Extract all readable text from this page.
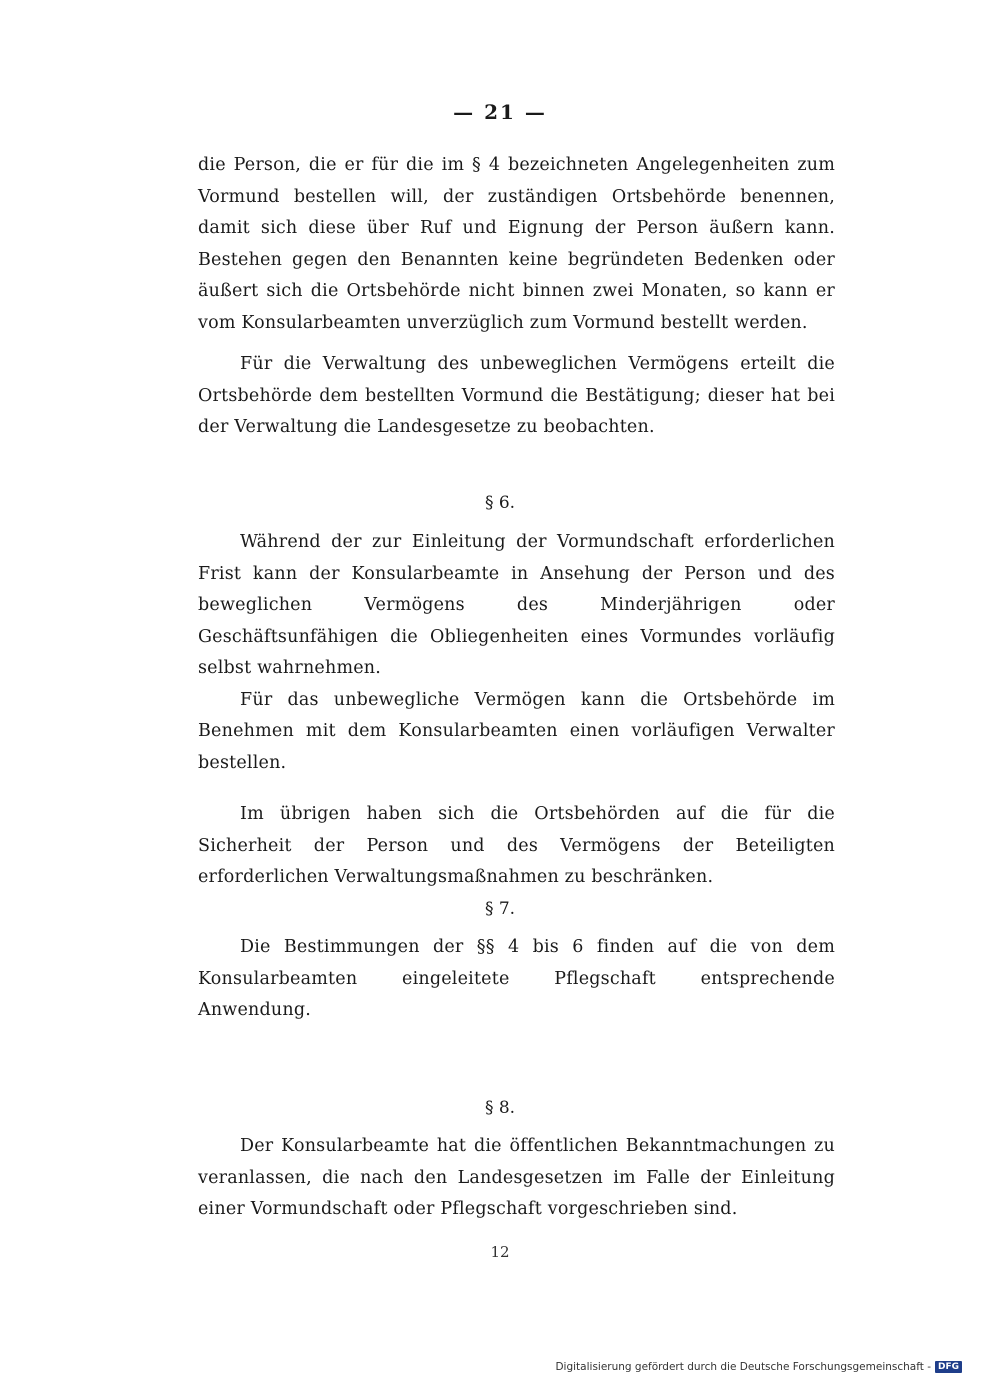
— 21 —

die Person, die er für die im § 4 bezeichneten Angelegenheiten zum Vormund bestellen will, der zuständigen Ortsbehörde benennen, damit sich diese über Ruf und Eignung der Person äußern kann. Bestehen gegen den Benannten keine begründeten Bedenken oder äußert sich die Ortsbehörde nicht binnen zwei Monaten, so kann er vom Konsularbeamten unverzüglich zum Vormund bestellt werden.

Für die Verwaltung des unbeweglichen Vermögens erteilt die Ortsbehörde dem bestellten Vormund die Bestätigung; dieser hat bei der Verwaltung die Landesgesetze zu beobachten.

§ 6.

Während der zur Einleitung der Vormundschaft erforderlichen Frist kann der Konsularbeamte in Ansehung der Person und des beweglichen Vermögens des Minderjährigen oder Geschäftsunfähigen die Obliegenheiten eines Vormundes vorläufig selbst wahrnehmen.

Für das unbewegliche Vermögen kann die Ortsbehörde im Benehmen mit dem Konsularbeamten einen vorläufigen Verwalter bestellen.

Im übrigen haben sich die Ortsbehörden auf die für die Sicherheit der Person und des Vermögens der Beteiligten erforderlichen Verwaltungsmaßnahmen zu beschränken.

§ 7.

Die Bestimmungen der §§ 4 bis 6 finden auf die von dem Konsularbeamten eingeleitete Pflegschaft entsprechende Anwendung.

§ 8.

Der Konsularbeamte hat die öffentlichen Bekanntmachungen zu veranlassen, die nach den Landesgesetzen im Falle der Einleitung einer Vormundschaft oder Pflegschaft vorgeschrieben sind.

12
Digitalisierung gefördert durch die Deutsche Forschungsgemeinschaft - DFG
